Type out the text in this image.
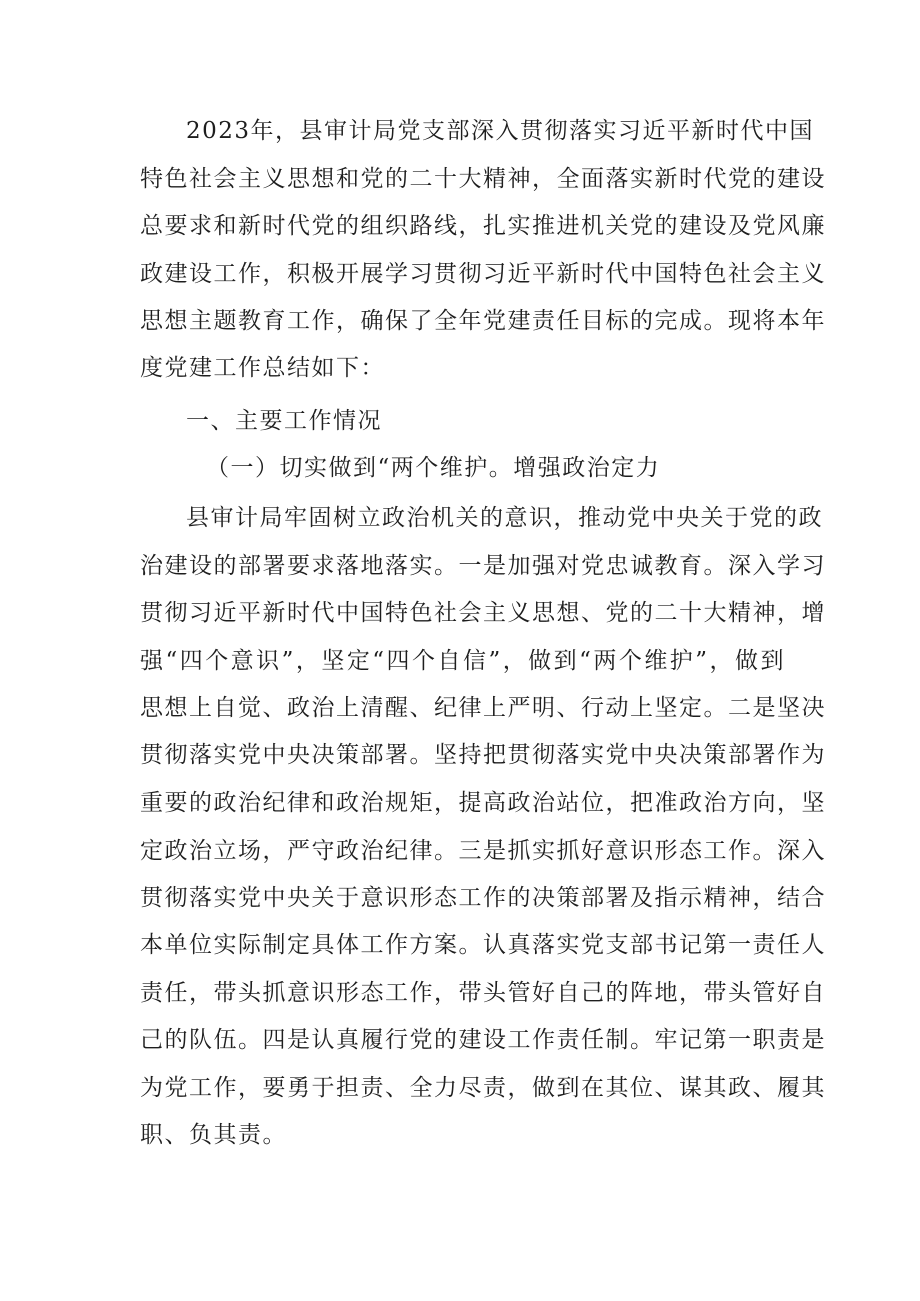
2023年，县审计局党支部深入贯彻落实习近平新时代中国
特色社会主义思想和党的二十大精神，全面落实新时代党的建设
总要求和新时代党的组织路线，扎实推进机关党的建设及党风廉
政建设工作，积极开展学习贯彻习近平新时代中国特色社会主义
思想主题教育工作，确保了全年党建责任目标的完成。现将本年
度党建工作总结如下：
一、主要工作情况
（一）切实做到“两个维护。增强政治定力
县审计局牢固树立政治机关的意识，推动党中央关于党的政
治建设的部署要求落地落实。一是加强对党忠诚教育。深入学习
贯彻习近平新时代中国特色社会主义思想、党的二十大精神，增
强“四个意识”，坚定“四个自信”，做到“两个维护”，做到
思想上自觉、政治上清醒、纪律上严明、行动上坚定。二是坚决
贯彻落实党中央决策部署。坚持把贯彻落实党中央决策部署作为
重要的政治纪律和政治规矩，提高政治站位，把准政治方向，坚
定政治立场，严守政治纪律。三是抓实抓好意识形态工作。深入
贯彻落实党中央关于意识形态工作的决策部署及指示精神，结合
本单位实际制定具体工作方案。认真落实党支部书记第一责任人
责任，带头抓意识形态工作，带头管好自己的阵地，带头管好自
己的队伍。四是认真履行党的建设工作责任制。牢记第一职责是
为党工作，要勇于担责、全力尽责，做到在其位、谋其政、履其
职、负其责。
